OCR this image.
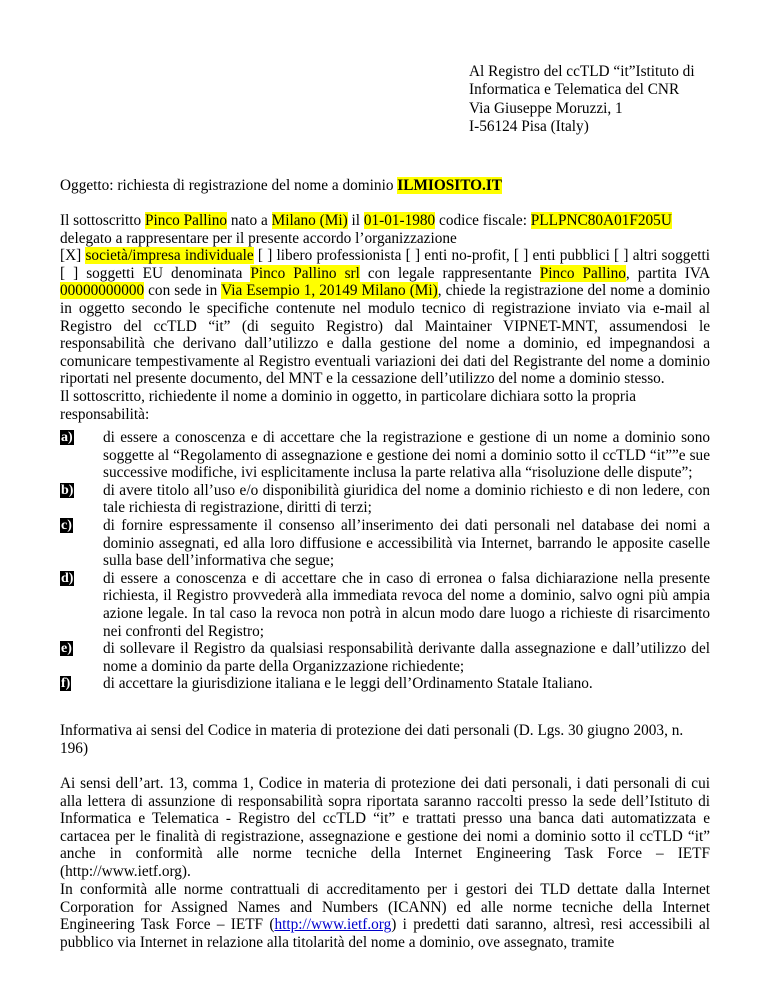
Al Registro del ccTLD “it”Istituto di
Informatica e Telematica del CNR
Via Giuseppe Moruzzi, 1
I-56124 Pisa (Italy)
Oggetto: richiesta di registrazione del nome a dominio ILMIOSITO.IT
Il sottoscritto Pinco Pallino nato a Milano (Mi) il 01-01-1980 codice fiscale: PLLPNC80A01F205U
delegato a rappresentare per il presente accordo l’organizzazione
[X] società/impresa individuale [ ] libero professionista [ ] enti no-profit, [ ] enti pubblici [ ] altri soggetti [ ] soggetti EU denominata Pinco Pallino srl con legale rappresentante Pinco Pallino, partita IVA 00000000000 con sede in Via Esempio 1, 20149 Milano (Mi), chiede la registrazione del nome a dominio in oggetto secondo le specifiche contenute nel modulo tecnico di registrazione inviato via e-mail al Registro del ccTLD “it” (di seguito Registro) dal Maintainer VIPNET-MNT, assumendosi le responsabilità che derivano dall’utilizzo e dalla gestione del nome a dominio, ed impegnandosi a comunicare tempestivamente al Registro eventuali variazioni dei dati del Registrante del nome a dominio riportati nel presente documento, del MNT e la cessazione dell’utilizzo del nome a dominio stesso.
Il sottoscritto, richiedente il nome a dominio in oggetto, in particolare dichiara sotto la propria responsabilità:
a) di essere a conoscenza e di accettare che la registrazione e gestione di un nome a dominio sono soggette al “Regolamento di assegnazione e gestione dei nomi a dominio sotto il ccTLD “it””e sue successive modifiche, ivi esplicitamente inclusa la parte relativa alla “risoluzione delle dispute”;
b) di avere titolo all’uso e/o disponibilità giuridica del nome a dominio richiesto e di non ledere, con tale richiesta di registrazione, diritti di terzi;
c) di fornire espressamente il consenso all’inserimento dei dati personali nel database dei nomi a dominio assegnati, ed alla loro diffusione e accessibilità via Internet, barrando le apposite caselle sulla base dell’informativa che segue;
d) di essere a conoscenza e di accettare che in caso di erronea o falsa dichiarazione nella presente richiesta, il Registro provvederà alla immediata revoca del nome a dominio, salvo ogni più ampia azione legale. In tal caso la revoca non potrà in alcun modo dare luogo a richieste di risarcimento nei confronti del Registro;
e) di sollevare il Registro da qualsiasi responsabilità derivante dalla assegnazione e dall’utilizzo del nome a dominio da parte della Organizzazione richiedente;
f) di accettare la giurisdizione italiana e le leggi dell’Ordinamento Statale Italiano.
Informativa ai sensi del Codice in materia di protezione dei dati personali (D. Lgs. 30 giugno 2003, n. 196)
Ai sensi dell’art. 13, comma 1, Codice in materia di protezione dei dati personali, i dati personali di cui alla lettera di assunzione di responsabilità sopra riportata saranno raccolti presso la sede dell’Istituto di Informatica e Telematica - Registro del ccTLD “it” e trattati presso una banca dati automatizzata e cartacea per le finalità di registrazione, assegnazione e gestione dei nomi a dominio sotto il ccTLD “it” anche in conformità alle norme tecniche della Internet Engineering Task Force – IETF (http://www.ietf.org).
In conformità alle norme contrattuali di accreditamento per i gestori dei TLD dettate dalla Internet Corporation for Assigned Names and Numbers (ICANN) ed alle norme tecniche della Internet Engineering Task Force – IETF (http://www.ietf.org) i predetti dati saranno, altresì, resi accessibili al pubblico via Internet in relazione alla titolarità del nome a dominio, ove assegnato, tramite
